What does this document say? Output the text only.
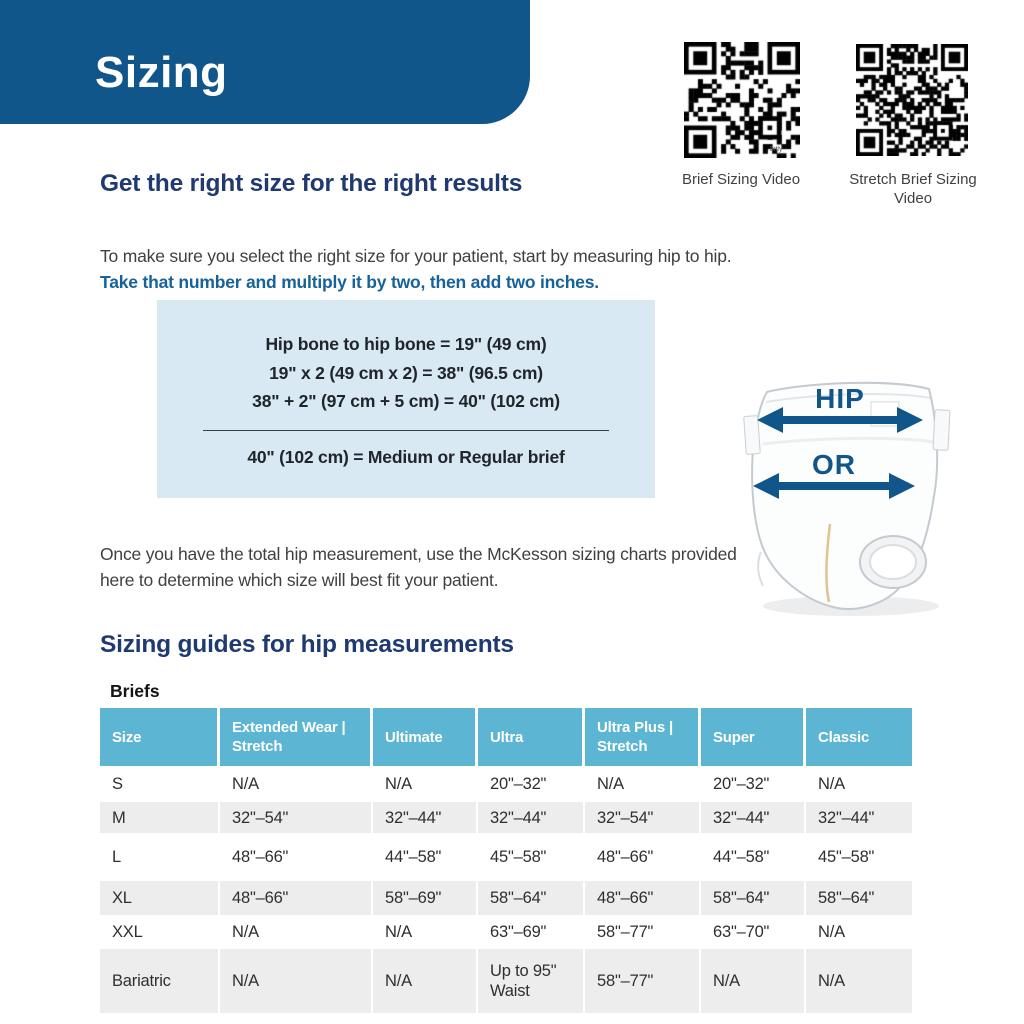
Sizing
bitly
Brief Sizing Video	Stretch Brief Sizing Video
Get the right size for the right results

To make sure you select the right size for your patient, start by measuring hip to hip. Take that number and multiply it by two, then add two inches.

Hip bone to hip bone = 19" (49 cm)
19" x 2 (49 cm x 2) = 38" (96.5 cm)
38" + 2" (97 cm + 5 cm) = 40" (102 cm)
40" (102 cm) = Medium or Regular brief
HIP
OR

Once you have the total hip measurement, use the McKesson sizing charts provided here to determine which size will best fit your patient.

Sizing guides for hip measurements
Briefs
Size	Extended Wear | Stretch	Ultimate	Ultra	Ultra Plus | Stretch	Super	Classic
S	N/A	N/A	20"–32"	N/A	20"–32"	N/A
M	32"–54"	32"–44"	32"–44"	32"–54"	32"–44"	32"–44"
L	48"–66"	44"–58"	45"–58"	48"–66"	44"–58"	45"–58"
XL	48"–66"	58"–69"	58"–64"	48"–66"	58"–64"	58"–64"
XXL	N/A	N/A	63"–69"	58"–77"	63"–70"	N/A
Bariatric	N/A	N/A	Up to 95" Waist	58"–77"	N/A	N/A
